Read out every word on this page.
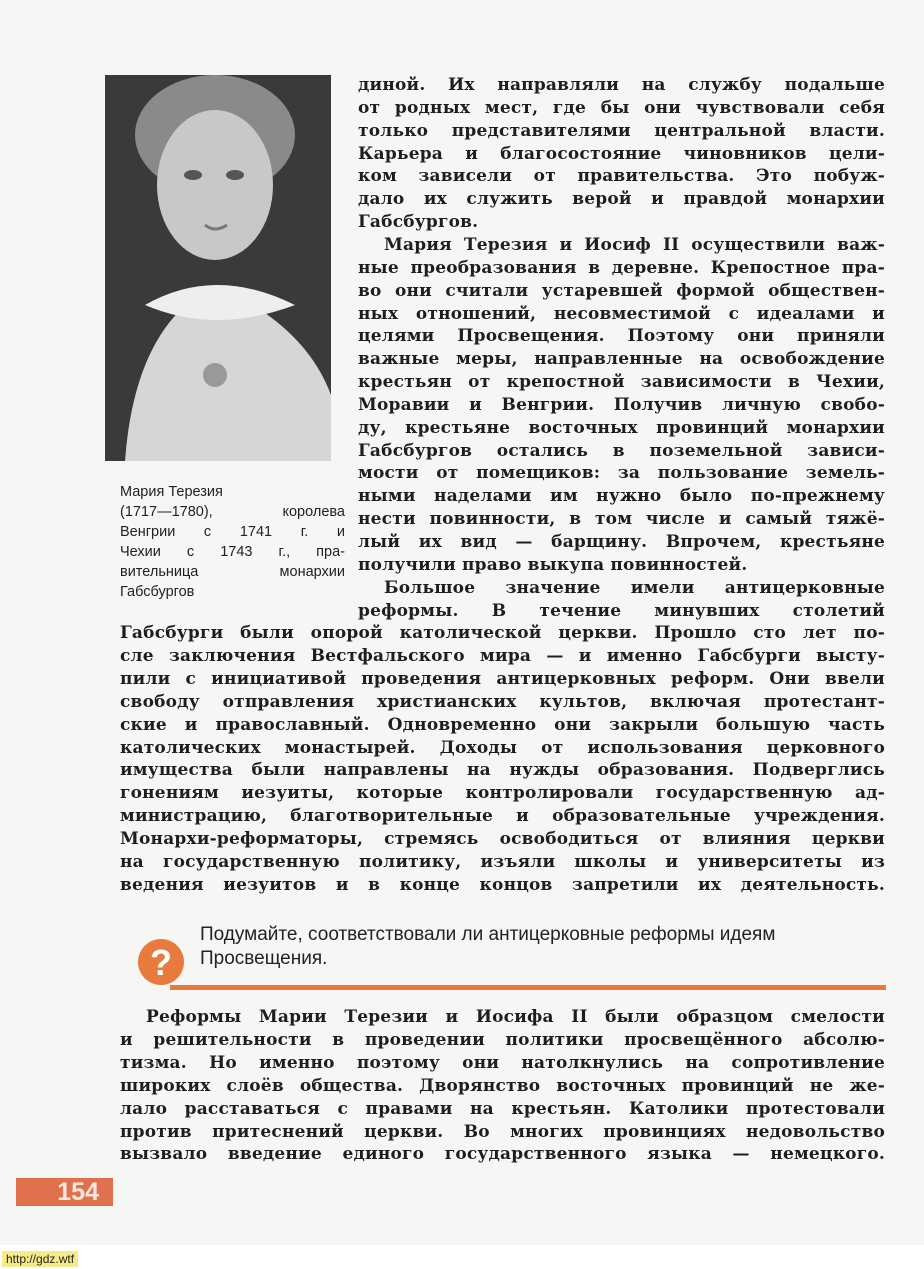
Мария Терезия
(1717—1780), королева
Венгрии с 1741 г. и
Чехии с 1743 г., пра-
вительница монархии
Габсбургов
диной. Их направляли на службу подальше
от родных мест, где бы они чувствовали себя
только представителями центральной власти.
Карьера и благосостояние чиновников цели-
ком зависели от правительства. Это побуж-
дало их служить верой и правдой монархии
Габсбургов.
Мария Терезия и Иосиф II осуществили важ-
ные преобразования в деревне. Крепостное пра-
во они считали устаревшей формой обществен-
ных отношений, несовместимой с идеалами и
целями Просвещения. Поэтому они приняли
важные меры, направленные на освобождение
крестьян от крепостной зависимости в Чехии,
Моравии и Венгрии. Получив личную свобо-
ду, крестьяне восточных провинций монархии
Габсбургов остались в поземельной зависи-
мости от помещиков: за пользование земель-
ными наделами им нужно было по-прежнему
нести повинности, в том числе и самый тяжё-
лый их вид — барщину. Впрочем, крестьяне
получили право выкупа повинностей.
Большое значение имели антицерковные
реформы. В течение минувших столетий
Габсбурги были опорой католической церкви. Прошло сто лет по-
сле заключения Вестфальского мира — и именно Габсбурги высту-
пили с инициативой проведения антицерковных реформ. Они ввели
свободу отправления христианских культов, включая протестант-
ские и православный. Одновременно они закрыли большую часть
католических монастырей. Доходы от использования церковного
имущества были направлены на нужды образования. Подверглись
гонениям иезуиты, которые контролировали государственную ад-
министрацию, благотворительные и образовательные учреждения.
Монархи-реформаторы, стремясь освободиться от влияния церкви
на государственную политику, изъяли школы и университеты из
ведения иезуитов и в конце концов запретили их деятельность.
?
Подумайте, соответствовали ли антицерковные реформы идеям Просвещения.
Реформы Марии Терезии и Иосифа II были образцом смелости
и решительности в проведении политики просвещённого абсолю-
тизма. Но именно поэтому они натолкнулись на сопротивление
широких слоёв общества. Дворянство восточных провинций не же-
лало расставаться с правами на крестьян. Католики протестовали
против притеснений церкви. Во многих провинциях недовольство
вызвало введение единого государственного языка — немецкого.
154
http://gdz.wtf
